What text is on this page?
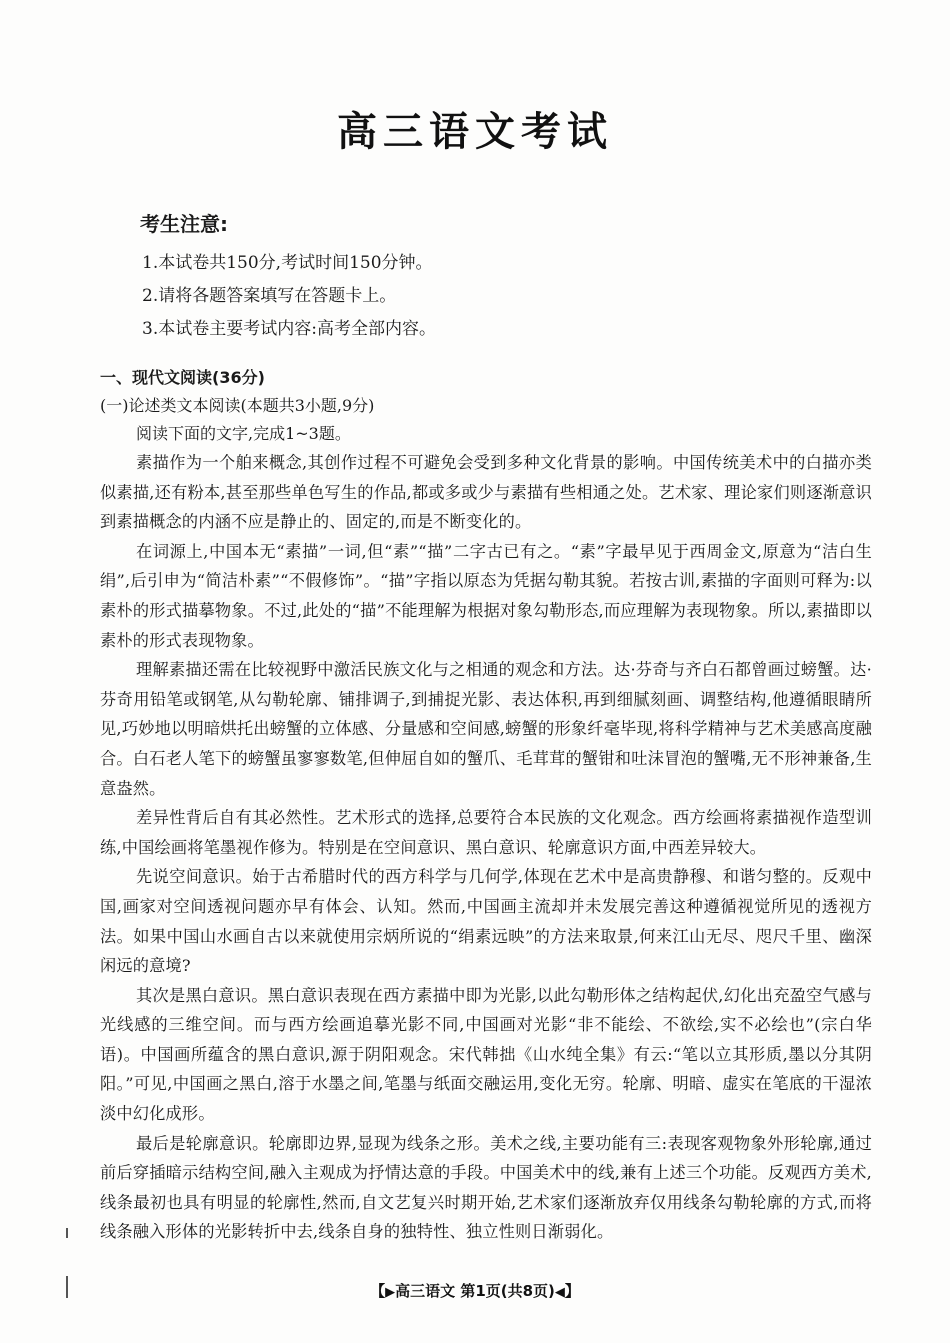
高三语文考试
考生注意:
1.本试卷共150分,考试时间150分钟。
2.请将各题答案填写在答题卡上。
3.本试卷主要考试内容:高考全部内容。
一、现代文阅读(36分)
(一)论述类文本阅读(本题共3小题,9分)
阅读下面的文字,完成1~3题。

素描作为一个舶来概念,其创作过程不可避免会受到多种文化背景的影响。中国传统美术中的白描亦类似素描,还有粉本,甚至那些单色写生的作品,都或多或少与素描有些相通之处。艺术家、理论家们则逐渐意识到素描概念的内涵不应是静止的、固定的,而是不断变化的。

在词源上,中国本无“素描”一词,但“素”“描”二字古已有之。“素”字最早见于西周金文,原意为“洁白生绢”,后引申为“简洁朴素”“不假修饰”。“描”字指以原态为凭据勾勒其貌。若按古训,素描的字面则可释为:以素朴的形式描摹物象。不过,此处的“描”不能理解为根据对象勾勒形态,而应理解为表现物象。所以,素描即以素朴的形式表现物象。

理解素描还需在比较视野中激活民族文化与之相通的观念和方法。达·芬奇与齐白石都曾画过螃蟹。达·芬奇用铅笔或钢笔,从勾勒轮廓、铺排调子,到捕捉光影、表达体积,再到细腻刻画、调整结构,他遵循眼睛所见,巧妙地以明暗烘托出螃蟹的立体感、分量感和空间感,螃蟹的形象纤毫毕现,将科学精神与艺术美感高度融合。白石老人笔下的螃蟹虽寥寥数笔,但伸屈自如的蟹爪、毛茸茸的蟹钳和吐沫冒泡的蟹嘴,无不形神兼备,生意盎然。

差异性背后自有其必然性。艺术形式的选择,总要符合本民族的文化观念。西方绘画将素描视作造型训练,中国绘画将笔墨视作修为。特别是在空间意识、黑白意识、轮廓意识方面,中西差异较大。

先说空间意识。始于古希腊时代的西方科学与几何学,体现在艺术中是高贵静穆、和谐匀整的。反观中国,画家对空间透视问题亦早有体会、认知。然而,中国画主流却并未发展完善这种遵循视觉所见的透视方法。如果中国山水画自古以来就使用宗炳所说的“绢素远映”的方法来取景,何来江山无尽、咫尺千里、幽深闲远的意境?

其次是黑白意识。黑白意识表现在西方素描中即为光影,以此勾勒形体之结构起伏,幻化出充盈空气感与光线感的三维空间。而与西方绘画追摹光影不同,中国画对光影“非不能绘、不欲绘,实不必绘也”(宗白华语)。中国画所蕴含的黑白意识,源于阴阳观念。宋代韩拙《山水纯全集》有云:“笔以立其形质,墨以分其阴阳。”可见,中国画之黑白,溶于水墨之间,笔墨与纸面交融运用,变化无穷。轮廓、明暗、虚实在笔底的干湿浓淡中幻化成形。

最后是轮廓意识。轮廓即边界,显现为线条之形。美术之线,主要功能有三:表现客观物象外形轮廓,通过前后穿插暗示结构空间,融入主观成为抒情达意的手段。中国美术中的线,兼有上述三个功能。反观西方美术,线条最初也具有明显的轮廓性,然而,自文艺复兴时期开始,艺术家们逐渐放弃仅用线条勾勒轮廓的方式,而将线条融入形体的光影转折中去,线条自身的独特性、独立性则日渐弱化。

【▶高三语文 第1页(共8页)◀】
